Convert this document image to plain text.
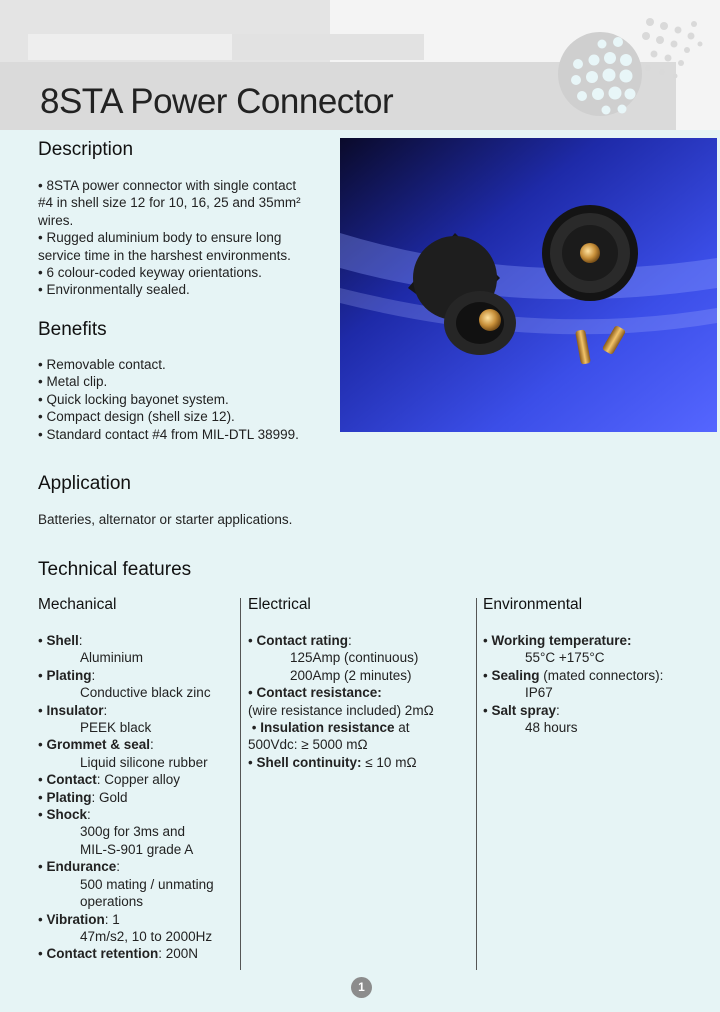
8STA Power Connector
Description
• 8STA power connector with single contact
#4 in shell size 12 for 10, 16, 25 and 35mm²
wires.
• Rugged aluminium body to ensure long
service time in the harshest environments.
• 6 colour-coded keyway orientations.
• Environmentally sealed.
Benefits
• Removable contact.
• Metal clip.
• Quick locking bayonet system.
• Compact design (shell size 12).
• Standard contact #4 from MIL-DTL 38999.
Application
Batteries, alternator or starter applications.
Technical features
Mechanical	Electrical	Environmental
• Shell:
Aluminium
• Plating:
Conductive black zinc
• Insulator:
PEEK black
• Grommet & seal:
Liquid silicone rubber
• Contact: Copper alloy
• Plating: Gold
• Shock:
300g for 3ms and
MIL-S-901 grade A
• Endurance:
500 mating / unmating
operations
• Vibration: 1
47m/s2, 10 to 2000Hz
• Contact retention: 200N
• Contact rating:
125Amp (continuous)
200Amp (2 minutes)
• Contact resistance:
(wire resistance included) 2mΩ
• Insulation resistance at
500Vdc: ≥ 5000 mΩ
• Shell continuity: ≤ 10 mΩ
• Working temperature:
55°C +175°C
• Sealing (mated connectors):
IP67
• Salt spray:
48 hours
1
